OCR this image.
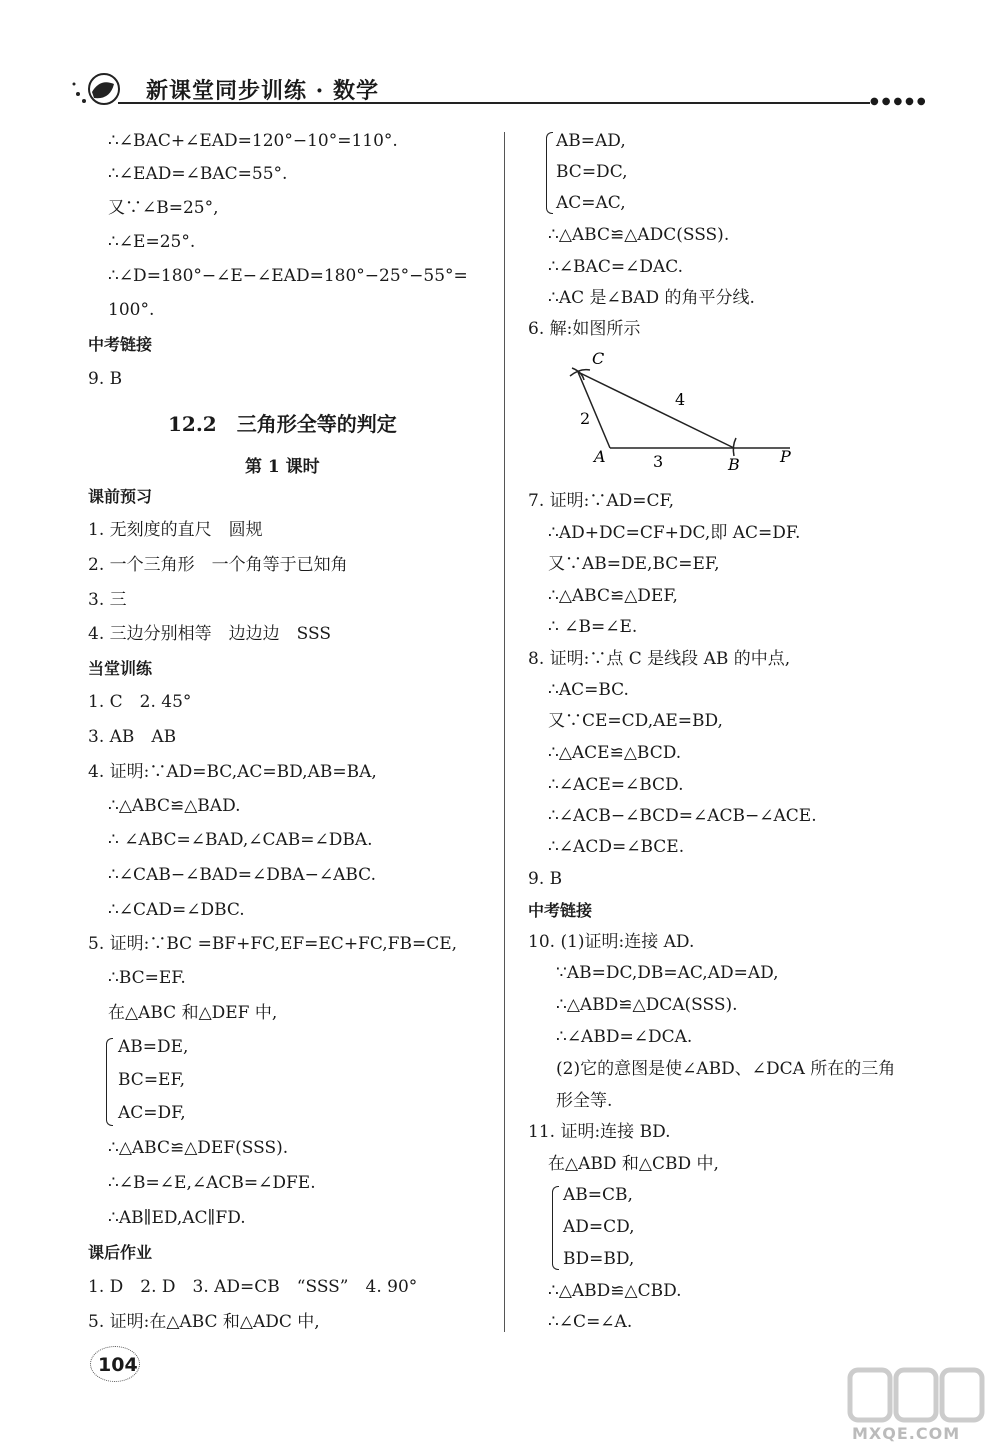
新课堂同步训练 · 数学	●●●●●
∴∠BAC+∠EAD=120°−10°=110°.
∴∠EAD=∠BAC=55°.
又∵∠B=25°,
∴∠E=25°.
∴∠D=180°−∠E−∠EAD=180°−25°−55°=
100°.
中考链接
9. B
课前预习
1. 无刻度的直尺　圆规
2. 一个三角形　一个角等于已知角
3. 三
4. 三边分别相等　边边边　SSS
当堂训练
1. C　2. 45°
3. AB　AB
4. 证明:∵AD=BC,AC=BD,AB=BA,
∴△ABC≌△BAD.
∴ ∠ABC=∠BAD,∠CAB=∠DBA.
∴∠CAB−∠BAD=∠DBA−∠ABC.
∴∠CAD=∠DBC.
5. 证明:∵BC =BF+FC,EF=EC+FC,FB=CE,
∴BC=EF.
在△ABC 和△DEF 中,
AB=DE,
BC=EF,
AC=DF,
∴△ABC≌△DEF(SSS).
∴∠B=∠E,∠ACB=∠DFE.
∴AB∥ED,AC∥FD.
课后作业
1. D　2. D　3. AD=CB　“SSS”　4. 90°
5. 证明:在△ABC 和△ADC 中,
12.2　三角形全等的判定
第 1 课时
AB=AD,
BC=DC,
AC=AC,
∴△ABC≌△ADC(SSS).
∴∠BAC=∠DAC.
∴AC 是∠BAD 的角平分线.
6. 解:如图所示
7. 证明:∵AD=CF,
∴AD+DC=CF+DC,即 AC=DF.
又∵AB=DE,BC=EF,
∴△ABC≌△DEF,
∴ ∠B=∠E.
8. 证明:∵点 C 是线段 AB 的中点,
∴AC=BC.
又∵CE=CD,AE=BD,
∴△ACE≌△BCD.
∴∠ACE=∠BCD.
∴∠ACB−∠BCD=∠ACB−∠ACE.
∴∠ACD=∠BCE.
9. B
中考链接
10. (1)证明:连接 AD.
∵AB=DC,DB=AC,AD=AD,
∴△ABD≌△DCA(SSS).
∴∠ABD=∠DCA.
(2)它的意图是使∠ABD、∠DCA 所在的三角
形全等.
11. 证明:连接 BD.
在△ABD 和△CBD 中,
AB=CB,
AD=CD,
BD=BD,
∴△ABD≌△CBD.
∴∠C=∠A.
C
A	B	P
2
3
4
104
MXQE.COM
